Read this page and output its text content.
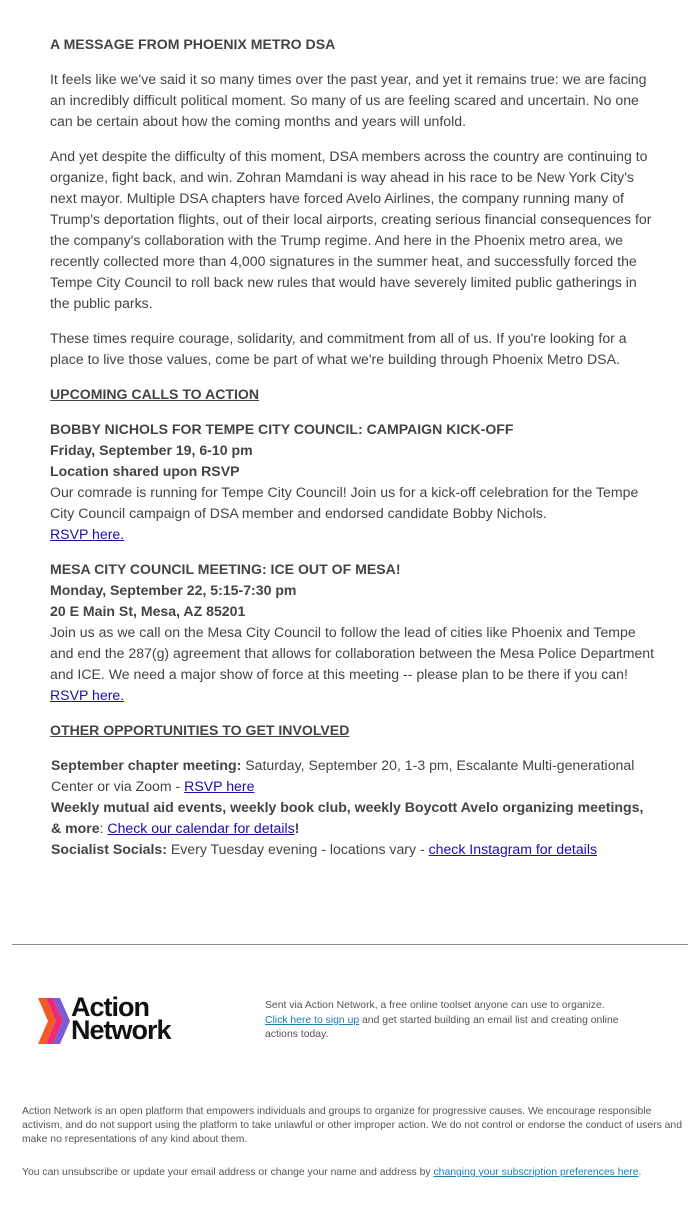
A MESSAGE FROM PHOENIX METRO DSA

It feels like we've said it so many times over the past year, and yet it remains true: we are facing an incredibly difficult political moment. So many of us are feeling scared and uncertain. No one can be certain about how the coming months and years will unfold.

And yet despite the difficulty of this moment, DSA members across the country are continuing to organize, fight back, and win. Zohran Mamdani is way ahead in his race to be New York City's next mayor. Multiple DSA chapters have forced Avelo Airlines, the company running many of Trump's deportation flights, out of their local airports, creating serious financial consequences for the company's collaboration with the Trump regime. And here in the Phoenix metro area, we recently collected more than 4,000 signatures in the summer heat, and successfully forced the Tempe City Council to roll back new rules that would have severely limited public gatherings in the public parks.

These times require courage, solidarity, and commitment from all of us. If you're looking for a place to live those values, come be part of what we're building through Phoenix Metro DSA.

UPCOMING CALLS TO ACTION
BOBBY NICHOLS FOR TEMPE CITY COUNCIL: CAMPAIGN KICK-OFF
Friday, September 19, 6-10 pm
Location shared upon RSVP
Our comrade is running for Tempe City Council! Join us for a kick-off celebration for the Tempe City Council campaign of DSA member and endorsed candidate Bobby Nichols.
RSVP here.
MESA CITY COUNCIL MEETING: ICE OUT OF MESA!
Monday, September 22, 5:15-7:30 pm
20 E Main St, Mesa, AZ 85201
Join us as we call on the Mesa City Council to follow the lead of cities like Phoenix and Tempe and end the 287(g) agreement that allows for collaboration between the Mesa Police Department and ICE. We need a major show of force at this meeting -- please plan to be there if you can!
RSVP here.
OTHER OPPORTUNITIES TO GET INVOLVED
September chapter meeting: Saturday, September 20, 1-3 pm, Escalante Multi-generational Center or via Zoom - RSVP here
Weekly mutual aid events, weekly book club, weekly Boycott Avelo organizing meetings, & more: Check our calendar for details!
Socialist Socials: Every Tuesday evening - locations vary - check Instagram for details
Action
Network
Sent via Action Network, a free online toolset anyone can use to organize.
Click here to sign up and get started building an email list and creating online actions today.
Action Network is an open platform that empowers individuals and groups to organize for progressive causes. We encourage responsible activism, and do not support using the platform to take unlawful or other improper action. We do not control or endorse the conduct of users and make no representations of any kind about them.
You can unsubscribe or update your email address or change your name and address by changing your subscription preferences here.
